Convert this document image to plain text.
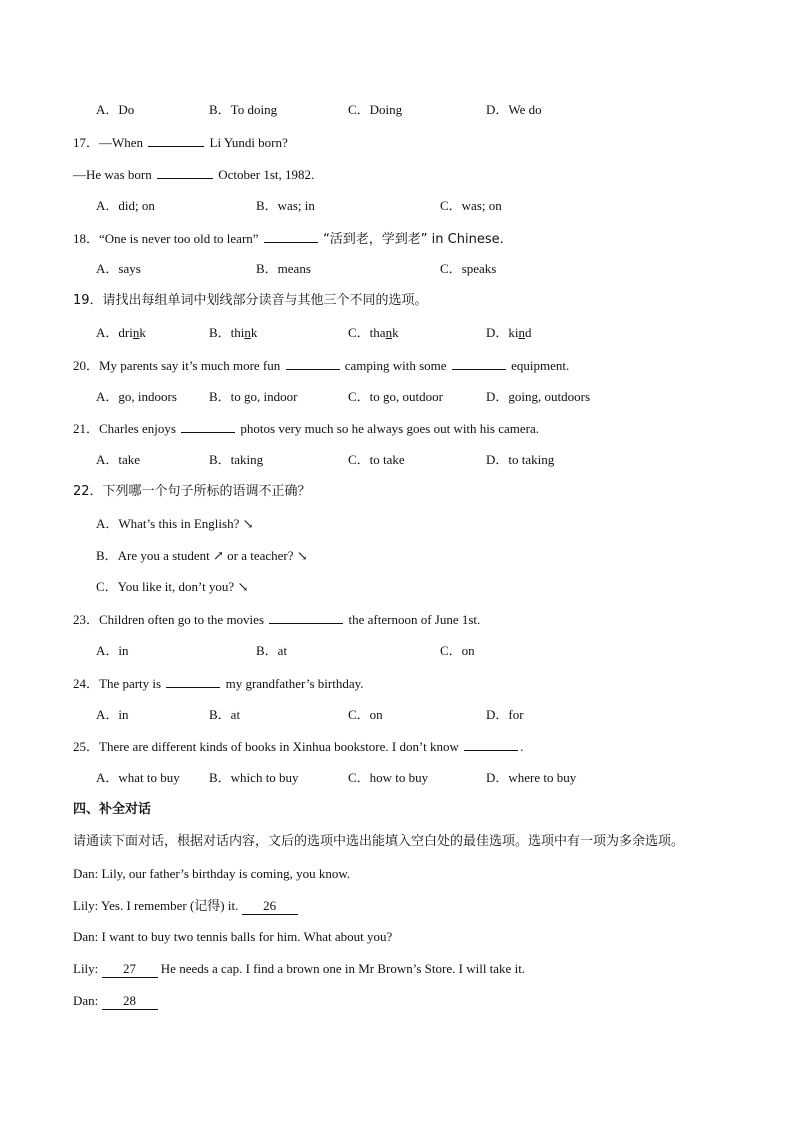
A．Do	B．To doing	C．Doing	D．We do
17．—When	Li Yundi born?
—He was born	October 1st, 1982.
A．did; on	B．was; in	C．was; on
18．“One is never too old to learn”	“活到老，学到老” in Chinese.
A．says	B．means	C．speaks
19．请找出每组单词中划线部分读音与其他三个不同的选项。
A．drink	B．think	C．thank	D．kind
20．My parents say it’s much more fun	camping with some	equipment.
A．go, indoors B．to go, indoor	C．to go, outdoor	D．going, outdoors
21．Charles enjoys	photos very much so he always goes out with his camera.
A．take	B．taking	C．to take	D．to taking
22．下列哪一个句子所标的语调不正确？
A．What’s this in English? ↘
B．Are you a student ↗ or a teacher? ↘
C．You like it, don’t you? ↘
23．Children often go to the movies	the afternoon of June 1st.
A．in	B．at	C．on
24．The party is	my grandfather’s birthday.
A．in	B．at	C．on	D．for
25．There are different kinds of books in Xinhua bookstore. I don’t know	.
A．what to buy B．which to buy	C．how to buy	D．where to buy
四、补全对话
请通读下面对话，根据对话内容，文后的选项中选出能填入空白处的最佳选项。选项中有一项为多余选项。
Dan: Lily, our father’s birthday is coming, you know.
Lily: Yes. I remember (记得) it. 26
Dan: I want to buy two tennis balls for him. What about you?
Lily: 27 He needs a cap. I find a brown one in Mr Brown’s Store. I will take it.
Dan: 28
